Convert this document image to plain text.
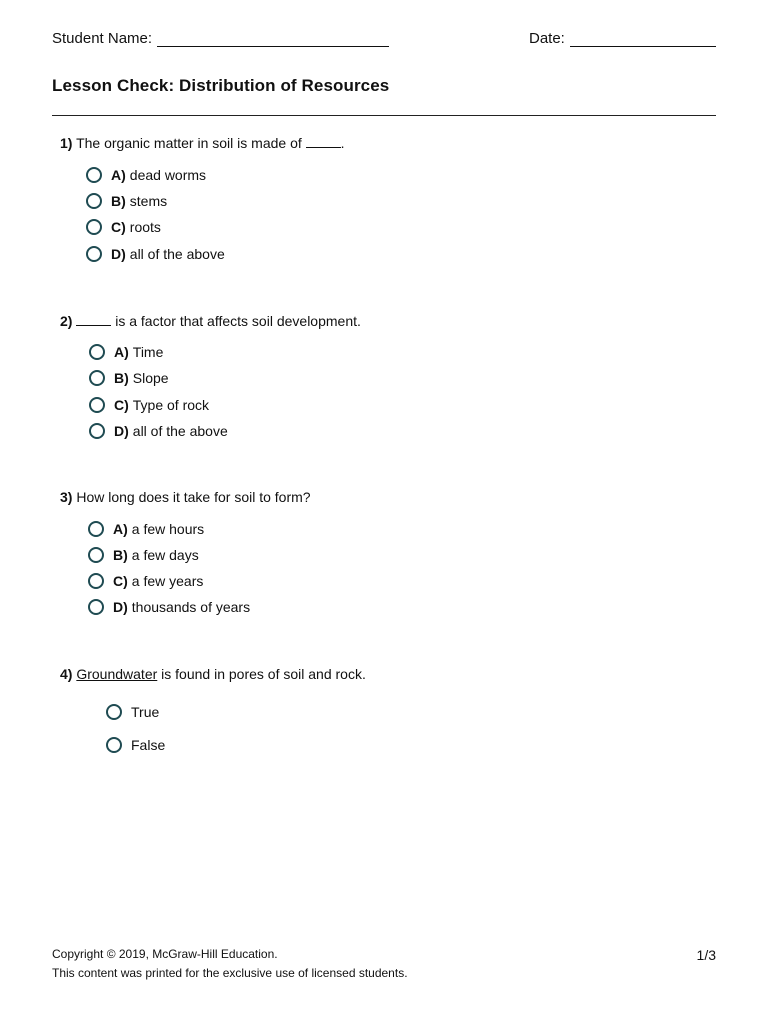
Student Name:	Date:
Lesson Check: Distribution of Resources
1) The organic matter in soil is made of	.
A) dead worms
B) stems
C) roots
D) all of the above
2)	is a factor that affects soil development.
A) Time
B) Slope
C) Type of rock
D) all of the above
3) How long does it take for soil to form?
A) a few hours
B) a few days
C) a few years
D) thousands of years
4) Groundwater is found in pores of soil and rock.
True
False
Copyright © 2019, McGraw-Hill Education.
This content was printed for the exclusive use of licensed students.
1/3
